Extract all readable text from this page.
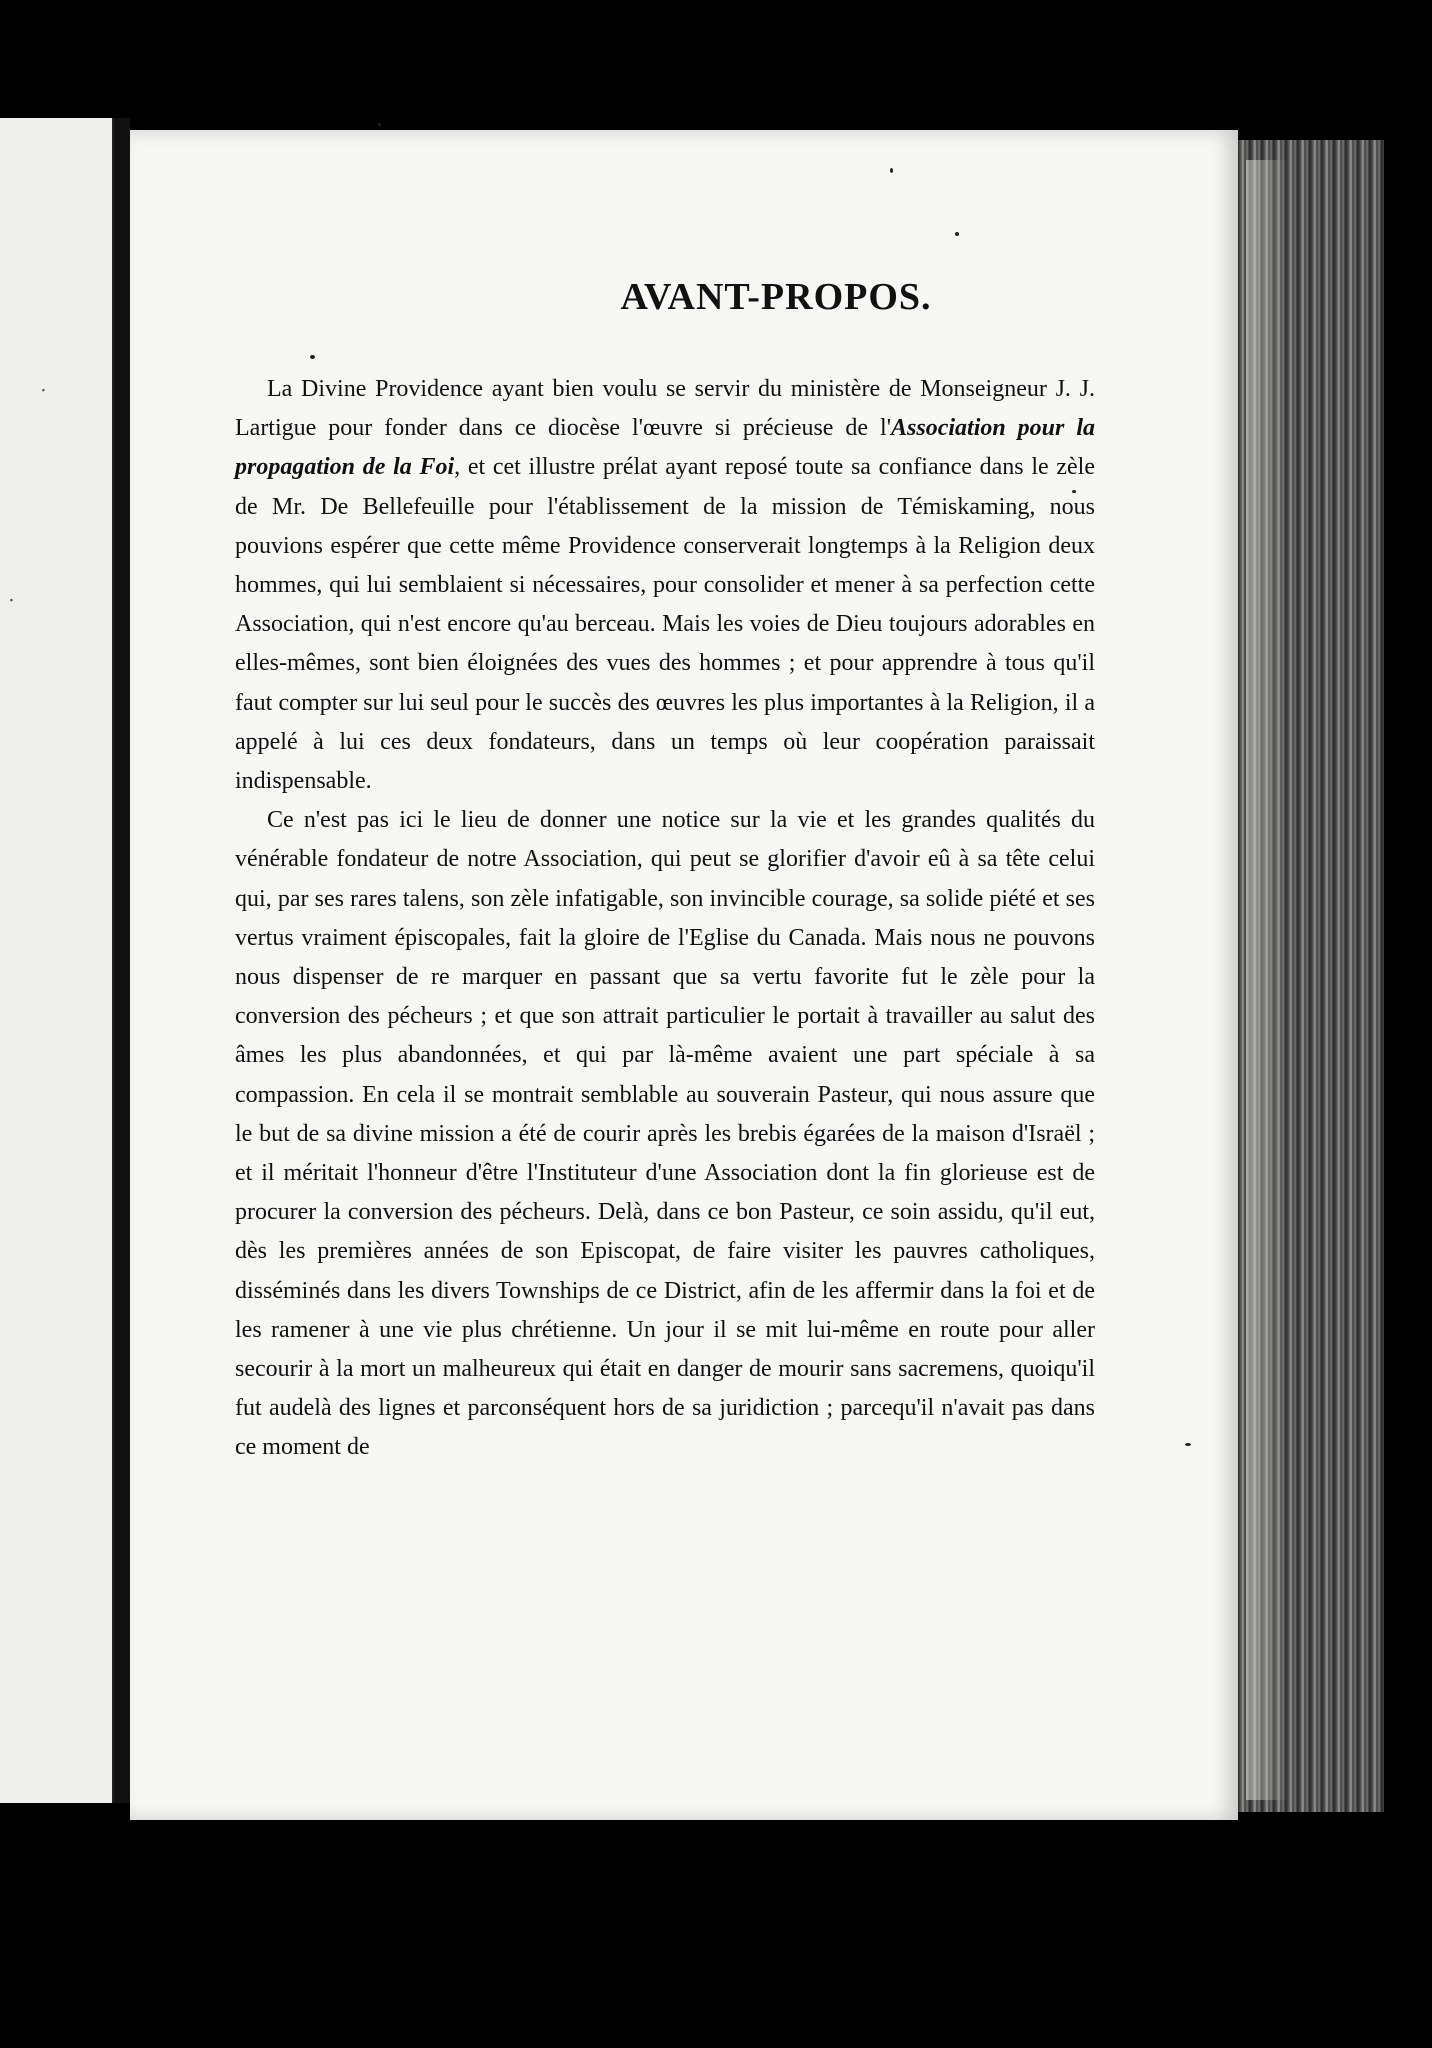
⋅
⋅
AVANT-PROPOS.

La Divine Providence ayant bien voulu se servir du ministère de Monseigneur J. J. Lartigue pour fonder dans ce diocèse l'œuvre si précieuse de l'Association pour la propagation de la Foi, et cet illustre prélat ayant reposé toute sa confiance dans le zèle de Mr. De Bellefeuille pour l'établissement de la mission de Témiskaming, nous pouvions espérer que cette même Providence conserverait longtemps à la Religion deux hommes, qui lui semblaient si nécessaires, pour consolider et mener à sa perfection cette Association, qui n'est encore qu'au berceau. Mais les voies de Dieu toujours adorables en elles-mêmes, sont bien éloignées des vues des hommes ; et pour apprendre à tous qu'il faut compter sur lui seul pour le succès des œuvres les plus importantes à la Religion, il a appelé à lui ces deux fondateurs, dans un temps où leur coopération paraissait indispensable.

Ce n'est pas ici le lieu de donner une notice sur la vie et les grandes qualités du vénérable fondateur de notre Association, qui peut se glorifier d'avoir eû à sa tête celui qui, par ses rares talens, son zèle infatigable, son invincible courage, sa solide piété et ses vertus vraiment épiscopales, fait la gloire de l'Eglise du Canada. Mais nous ne pouvons nous dispenser de re marquer en passant que sa vertu favorite fut le zèle pour la conversion des pécheurs ; et que son attrait particulier le portait à travailler au salut des âmes les plus abandonnées, et qui par là-même avaient une part spéciale à sa compassion. En cela il se montrait semblable au souverain Pasteur, qui nous assure que le but de sa divine mission a été de courir après les brebis égarées de la maison d'Israël ; et il méritait l'honneur d'être l'Instituteur d'une Association dont la fin glorieuse est de procurer la conversion des pécheurs. Delà, dans ce bon Pasteur, ce soin assidu, qu'il eut, dès les premières années de son Episcopat, de faire visiter les pauvres catholiques, disséminés dans les divers Townships de ce District, afin de les affermir dans la foi et de les ramener à une vie plus chrétienne. Un jour il se mit lui-même en route pour aller secourir à la mort un malheureux qui était en danger de mourir sans sacremens, quoiqu'il fut audelà des lignes et parconséquent hors de sa juridiction ; parcequ'il n'avait pas dans ce moment de
